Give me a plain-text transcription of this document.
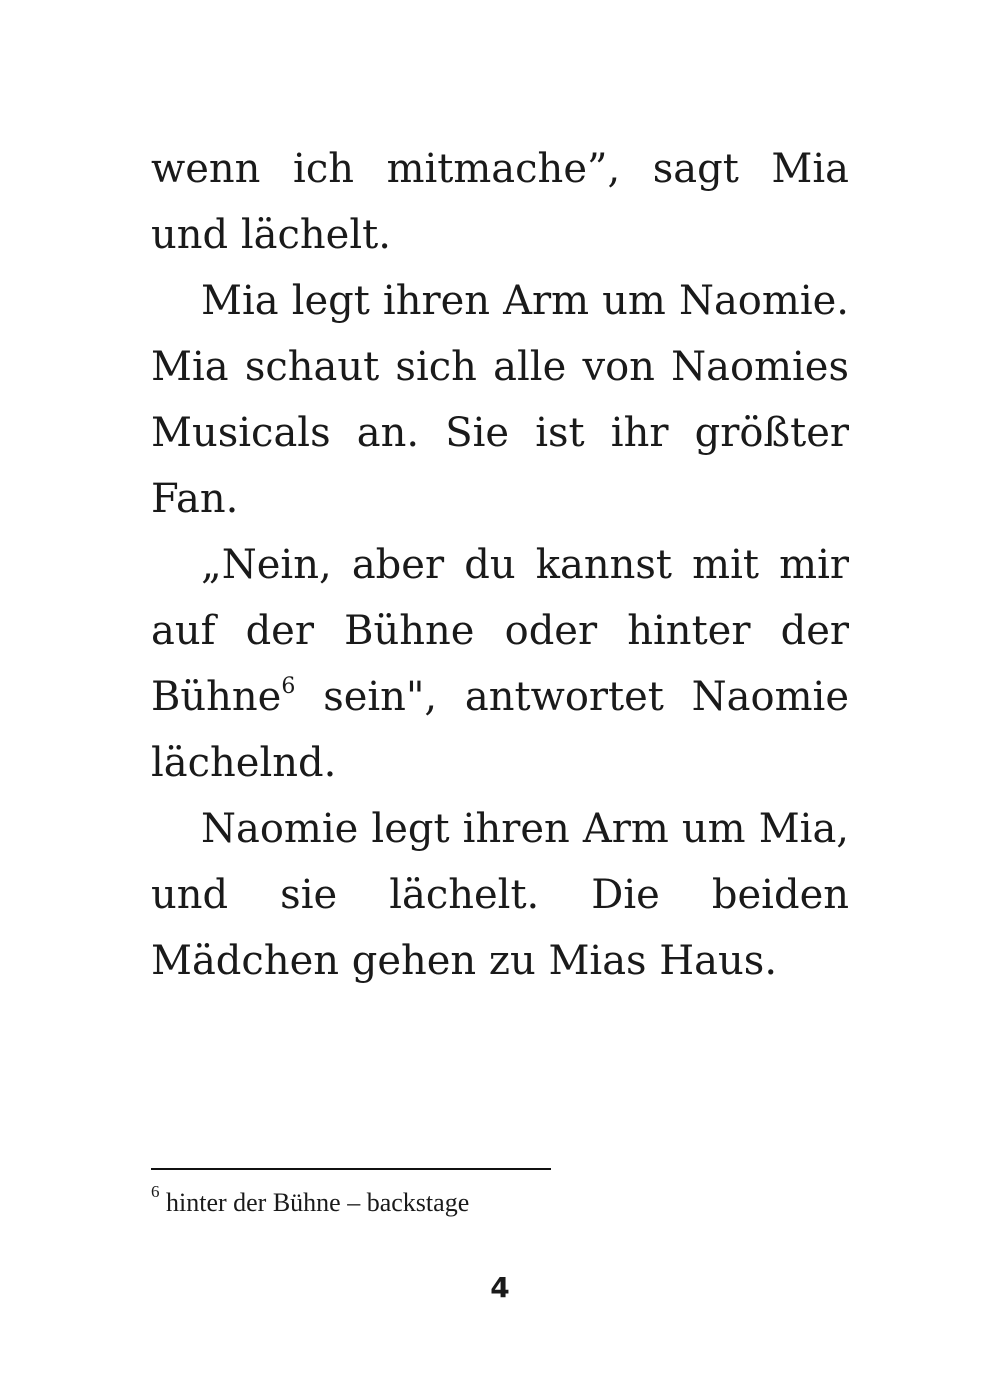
wenn ich mitmache”, sagt Mia und lächelt.

Mia legt ihren Arm um Naomie. Mia schaut sich alle von Naomies Musicals an. Sie ist ihr größter Fan.

„Nein, aber du kannst mit mir auf der Bühne oder hinter der Bühne$^6$ sein", antwortet Naomie lächelnd.

Naomie legt ihren Arm um Mia, und sie lächelt. Die beiden Mädchen gehen zu Mias Haus.

$^6$ hinter der Bühne – backstage
4
